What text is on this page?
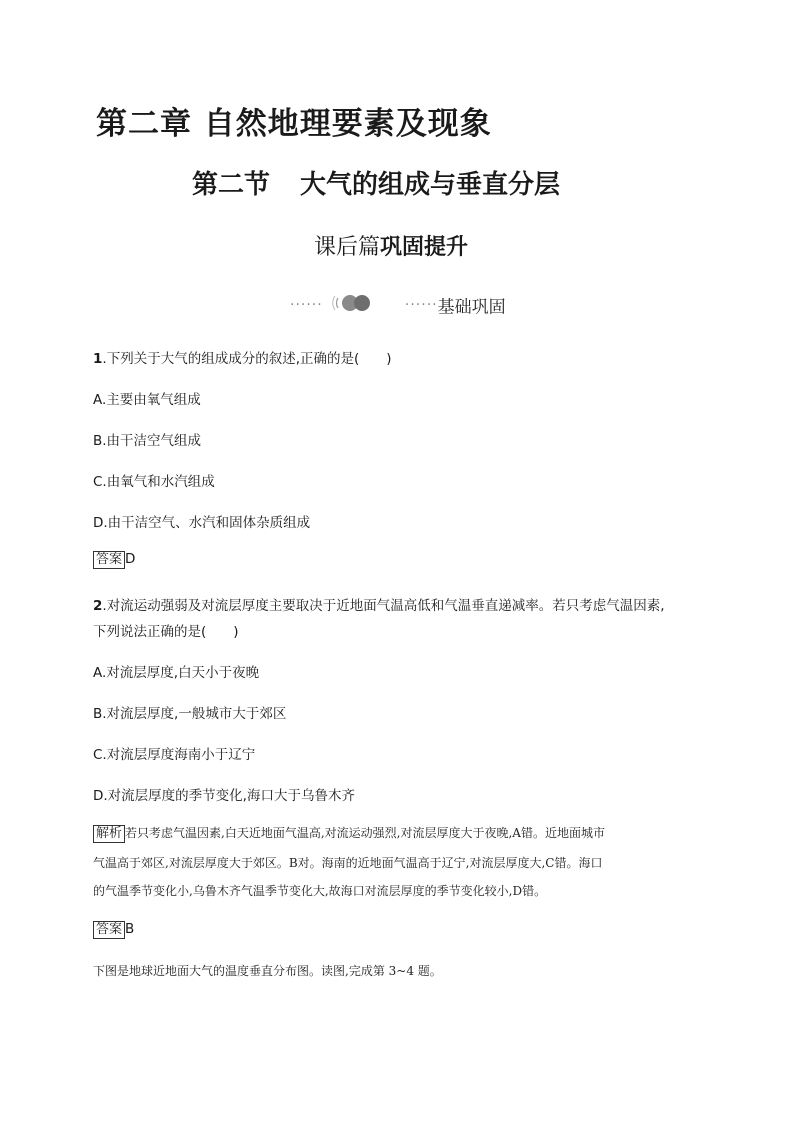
第二章 自然地理要素及现象
第二节 大气的组成与垂直分层
课后篇巩固提升
······	······基础巩固
1.下列关于大气的组成成分的叙述,正确的是(　　)
A.主要由氧气组成
B.由干洁空气组成
C.由氧气和水汽组成
D.由干洁空气、水汽和固体杂质组成
答案 D
2.对流运动强弱及对流层厚度主要取决于近地面气温高低和气温垂直递减率。若只考虑气温因素,
下列说法正确的是(　　)
A.对流层厚度,白天小于夜晚
B.对流层厚度,一般城市大于郊区
C.对流层厚度海南小于辽宁
D.对流层厚度的季节变化,海口大于乌鲁木齐
解析 若只考虑气温因素,白天近地面气温高,对流运动强烈,对流层厚度大于夜晚,A错。近地面城市
气温高于郊区,对流层厚度大于郊区。B对。海南的近地面气温高于辽宁,对流层厚度大,C错。海口
的气温季节变化小,乌鲁木齐气温季节变化大,故海口对流层厚度的季节变化较小,D错。
答案 B
下图是地球近地面大气的温度垂直分布图。读图,完成第 3~4 题。
